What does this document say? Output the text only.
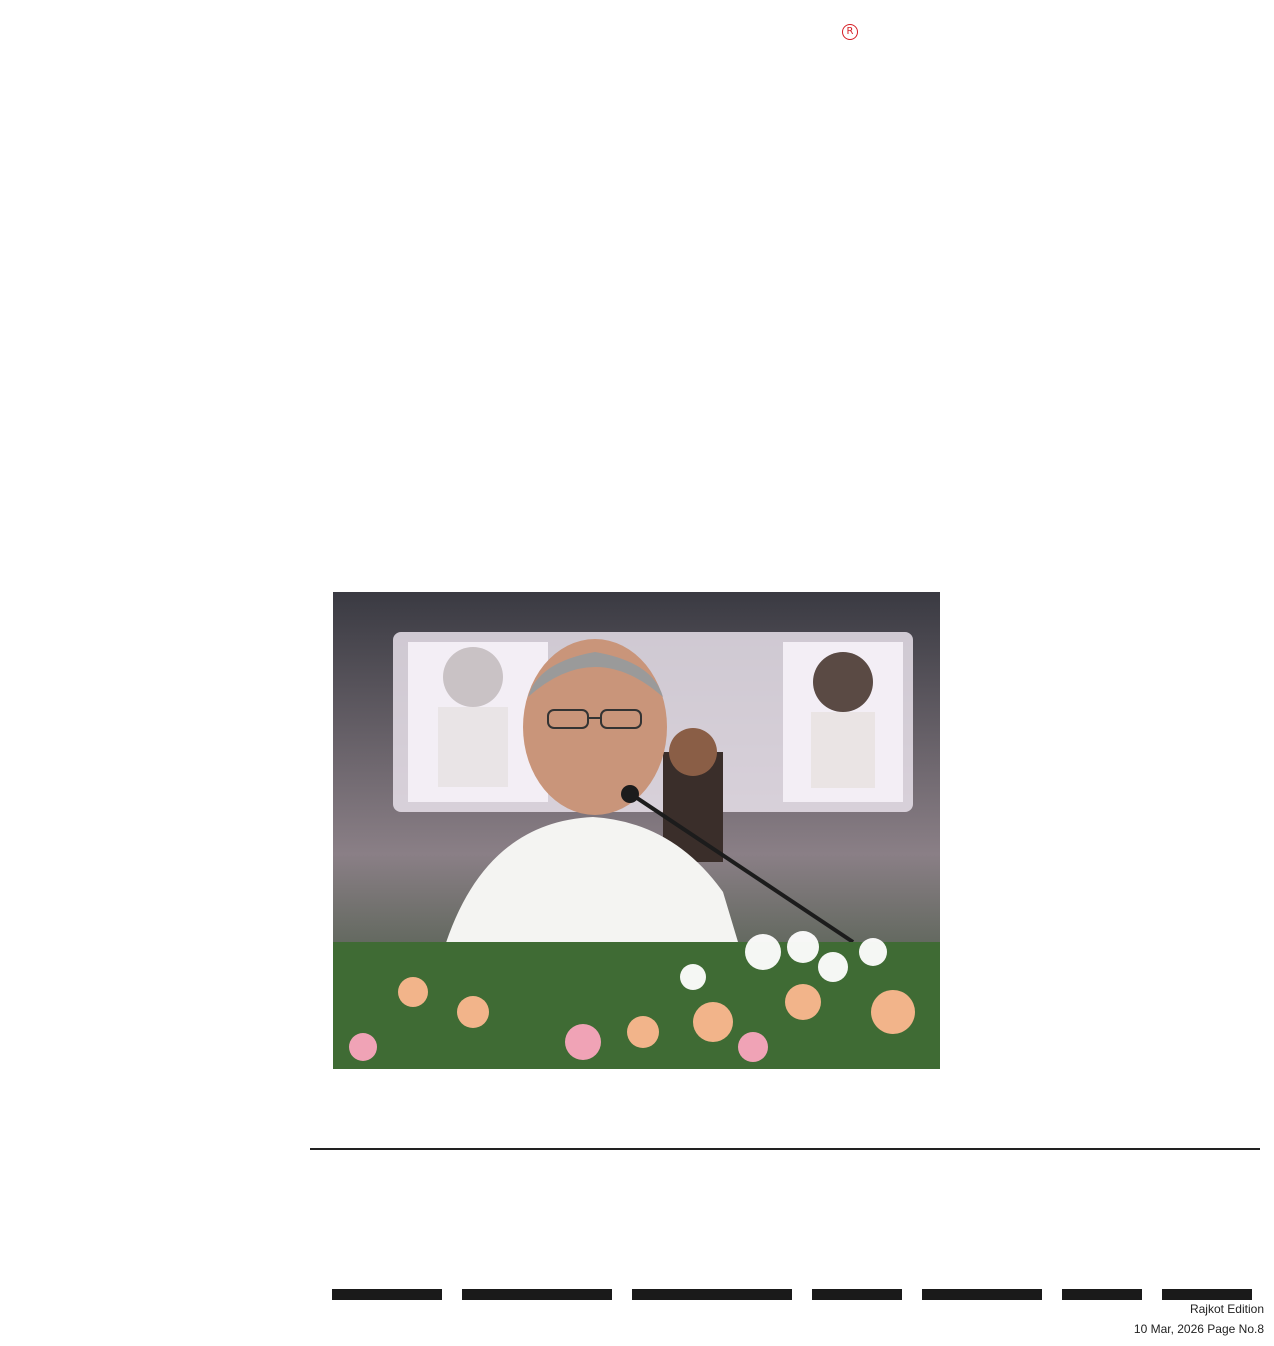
R

Rajkot Edition
10 Mar, 2026 Page No.8
